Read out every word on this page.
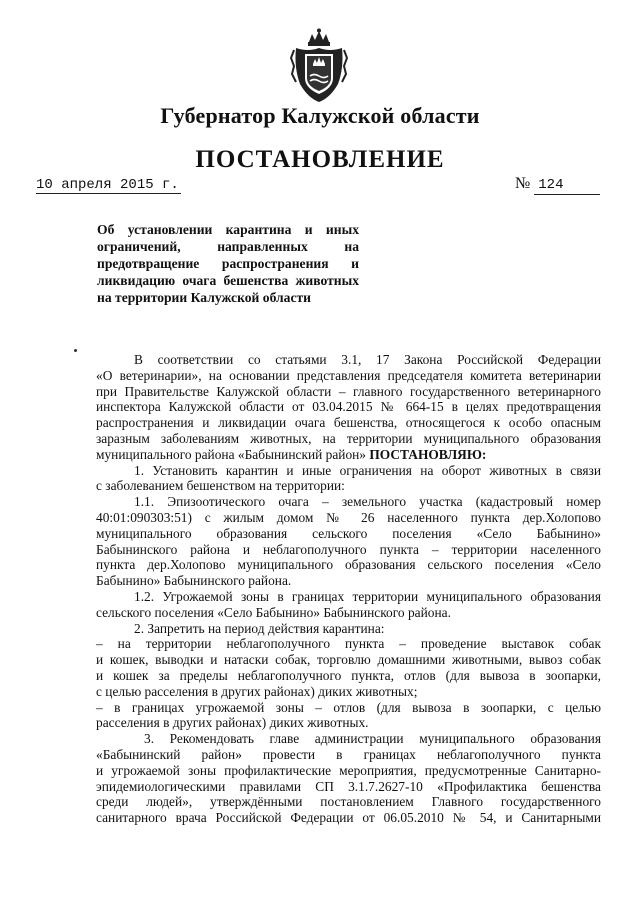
Губернатор Калужской области
ПОСТАНОВЛЕНИЕ
10 апреля 2015 г.	№ 124
Об установлении карантина и иных
ограничений, направленных на
предотвращение распространения и
ликвидацию очага бешенства животных
на территории Калужской области
В соответствии со статьями 3.1, 17 Закона Российской Федерации
«О ветеринарии», на основании представления председателя комитета ветеринарии
при Правительстве Калужской области – главного государственного ветеринарного
инспектора Калужской области от 03.04.2015 № 664-15 в целях предотвращения
распространения и ликвидации очага бешенства, относящегося к особо опасным
заразным заболеваниям животных, на территории муниципального образования
муниципального района «Бабынинский район» ПОСТАНОВЛЯЮ:
1. Установить карантин и иные ограничения на оборот животных в связи
с заболеванием бешенством на территории:
1.1. Эпизоотического очага – земельного участка (кадастровый номер
40:01:090303:51) с жилым домом № 26 населенного пункта дер.Холопово
муниципального образования сельского поселения «Село Бабынино»
Бабынинского района и неблагополучного пункта – территории населенного
пункта дер.Холопово муниципального образования сельского поселения «Село
Бабынино» Бабынинского района.
1.2. Угрожаемой зоны в границах территории муниципального образования
сельского поселения «Село Бабынино» Бабынинского района.
2. Запретить на период действия карантина:
– на территории неблагополучного пункта – проведение выставок собак
и кошек, выводки и натаски собак, торговлю домашними животными, вывоз собак
и кошек за пределы неблагополучного пункта, отлов (для вывоза в зоопарки,
с целью расселения в других районах) диких животных;
– в границах угрожаемой зоны – отлов (для вывоза в зоопарки, с целью
расселения в других районах) диких животных.
3. Рекомендовать главе администрации муниципального образования
«Бабынинский район» провести в границах неблагополучного пункта
и угрожаемой зоны профилактические мероприятия, предусмотренные Санитарно-
эпидемиологическими правилами СП 3.1.7.2627-10 «Профилактика бешенства
среди людей», утверждёнными постановлением Главного государственного
санитарного врача Российской Федерации от 06.05.2010 № 54, и Санитарными
